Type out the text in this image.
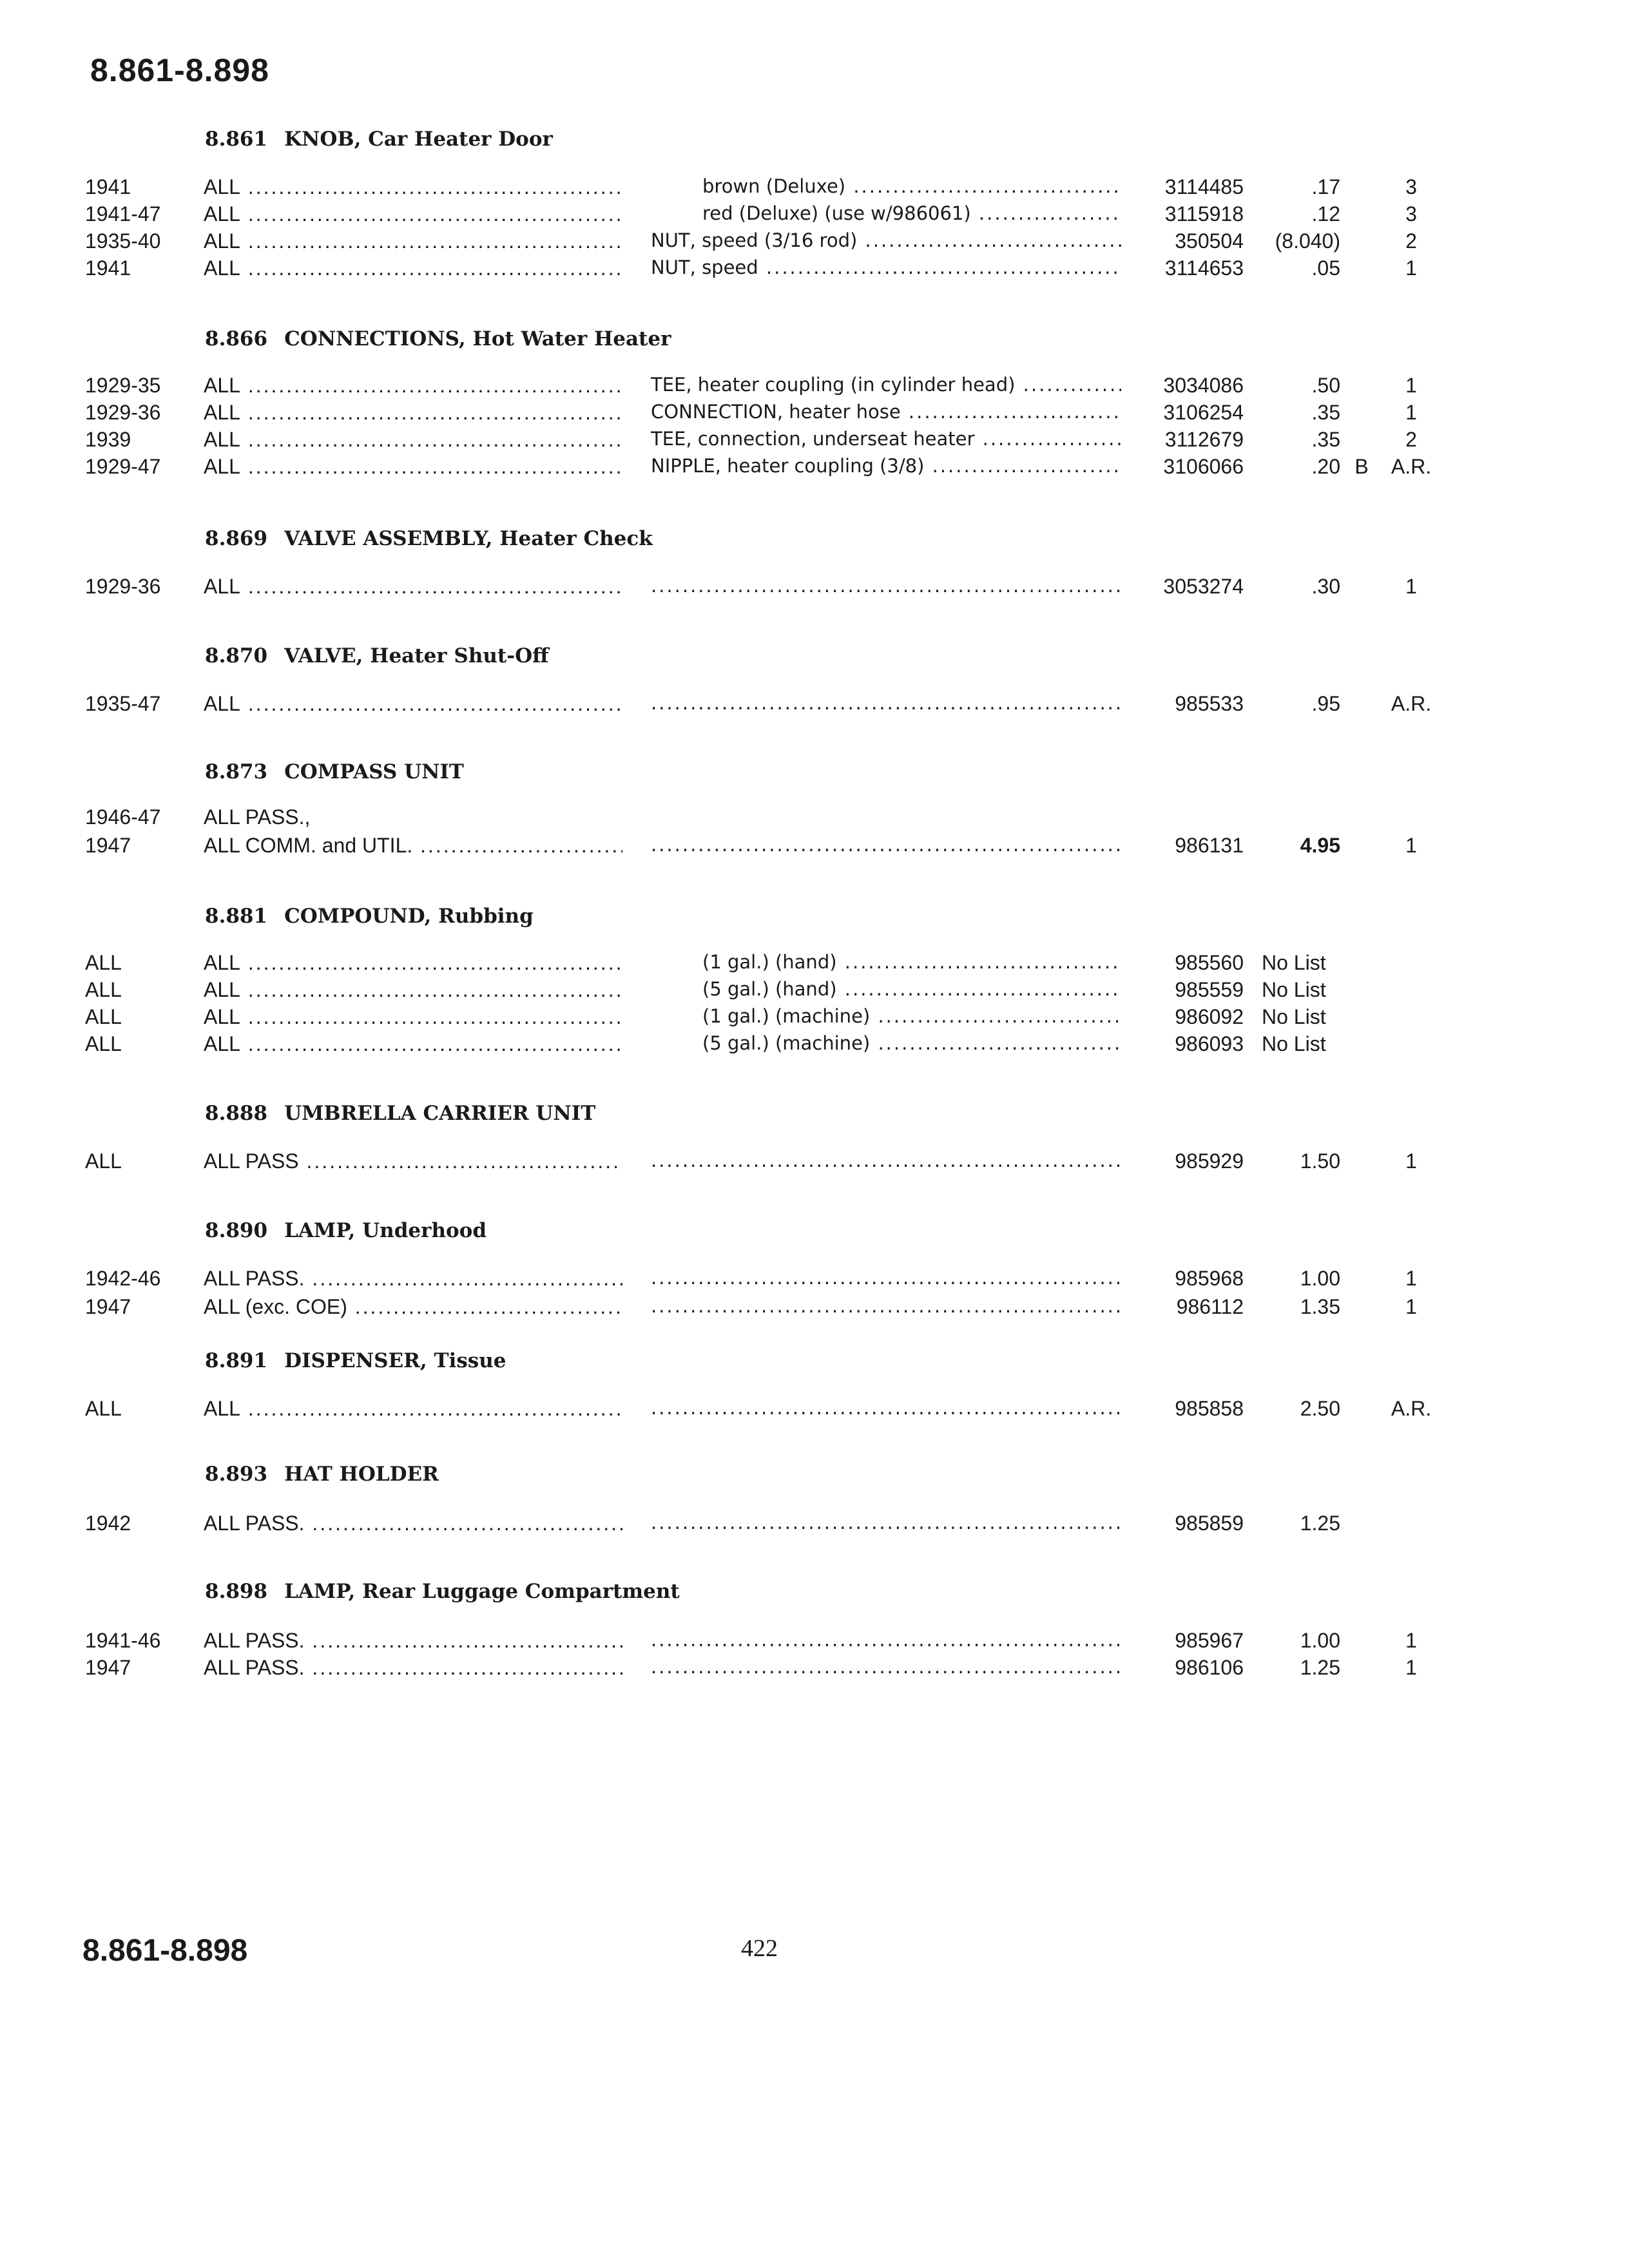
8.861-8.898
8.861 KNOB, Car Heater Door
1941	ALL .....	brown (Deluxe) .....	3114485	.17	3
1941-47	ALL .....	red (Deluxe) (use w/986061) .....	3115918	.12	3
1935-40	ALL .....	NUT, speed (3/16 rod) .....	350504	(8.040)	2
1941	ALL .....	NUT, speed .....	3114653	.05	1
8.866 CONNECTIONS, Hot Water Heater
1929-35	ALL .....	TEE, heater coupling (in cylinder head) .....	3034086	.50	1
1929-36	ALL .....	CONNECTION, heater hose .....	3106254	.35	1
1939	ALL .....	TEE, connection, underseat heater .....	3112679	.35	2
1929-47	ALL .....	NIPPLE, heater coupling (3/8) .....	3106066	.20 B A.R.
8.869 VALVE ASSEMBLY, Heater Check
1929-36	ALL ..... .....	3053274	.30	1
8.870 VALVE, Heater Shut-Off
1935-47	ALL ..... .....	985533	.95 A.R.
8.873 COMPASS UNIT
1946-47	ALL PASS.,
1947	ALL COMM. and UTIL. ..... .....	986131	4.95	1
8.881 COMPOUND, Rubbing
ALL	ALL .....	(1 gal.) (hand) .....	985560 No List
ALL	ALL .....	(5 gal.) (hand) .....	985559 No List
ALL	ALL .....	(1 gal.) (machine) .....	986092 No List
ALL	ALL .....	(5 gal.) (machine) .....	986093 No List
8.888 UMBRELLA CARRIER UNIT
ALL	ALL PASS ..... .....	985929	1.50	1
8.890 LAMP, Underhood
1942-46	ALL PASS. ..... .....	985968	1.00	1
1947	ALL (exc. COE) ..... .....	986112	1.35	1
8.891 DISPENSER, Tissue
ALL	ALL ..... .....	985858	2.50 A.R.
8.893 HAT HOLDER
1942	ALL PASS. ..... .....	985859	1.25
8.898 LAMP, Rear Luggage Compartment
1941-46	ALL PASS. ..... .....	985967	1.00	1
1947	ALL PASS. ..... .....	986106	1.25	1
8.861-8.898	422
